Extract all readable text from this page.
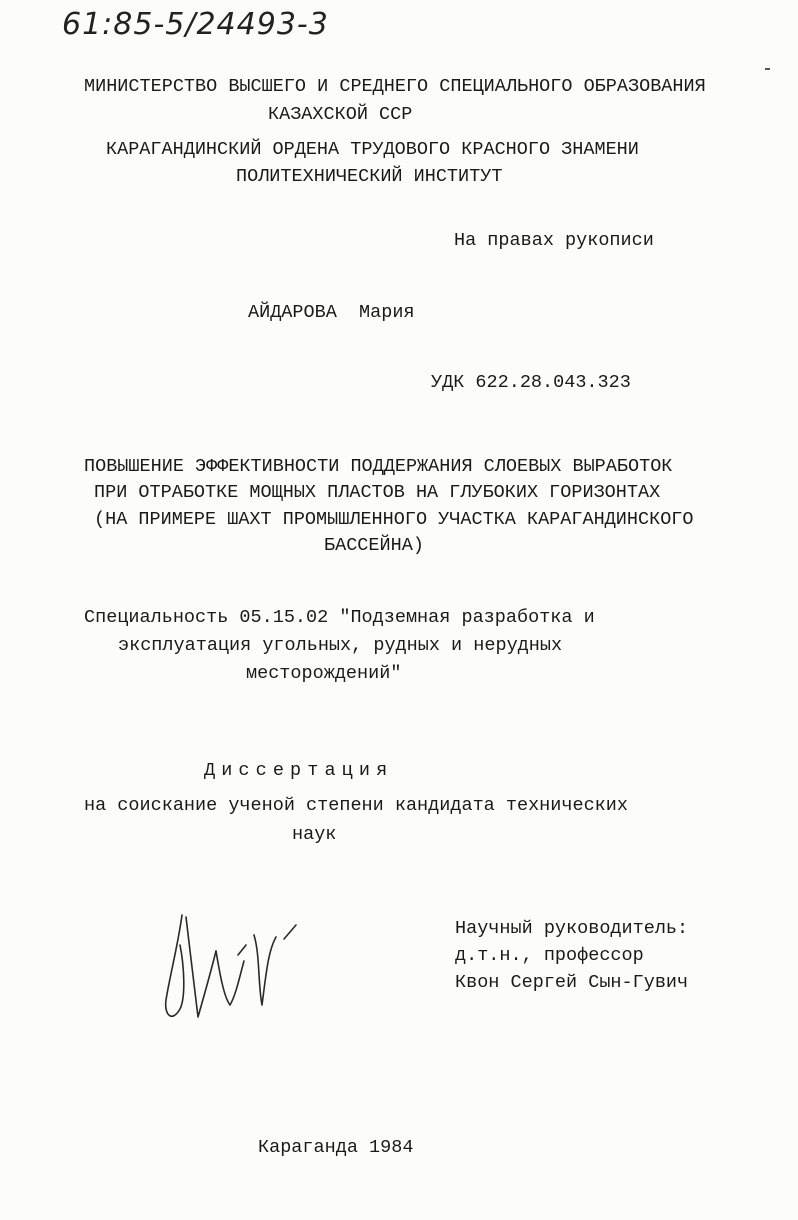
61:85-5/24493-3
МИНИСТЕРСТВО ВЫСШЕГО И СРЕДНЕГО СПЕЦИАЛЬНОГО ОБРАЗОВАНИЯ
КАЗАХСКОЙ ССР
КАРАГАНДИНСКИЙ ОРДЕНА ТРУДОВОГО КРАСНОГО ЗНАМЕНИ
ПОЛИТЕХНИЧЕСКИЙ ИНСТИТУТ
На правах рукописи
АЙДАРОВА  Мария
УДК 622.28.043.323
ПОВЫШЕНИЕ ЭФФЕКТИВНОСТИ ПОДДЕРЖАНИЯ СЛОЕВЫХ ВЫРАБОТОК
ПРИ ОТРАБОТКЕ МОЩНЫХ ПЛАСТОВ НА ГЛУБОКИХ ГОРИЗОНТАХ
(НА ПРИМЕРЕ ШАХТ ПРОМЫШЛЕННОГО УЧАСТКА КАРАГАНДИНСКОГО
БАССЕЙНА)
Специальность 05.15.02 "Подземная разработка и
эксплуатация угольных, рудных и нерудных
месторождений"
Диссертация
на соискание ученой степени кандидата технических
наук
Научный руководитель:
д.т.н., профессор
Квон Сергей Сын-Гувич
Караганда 1984
